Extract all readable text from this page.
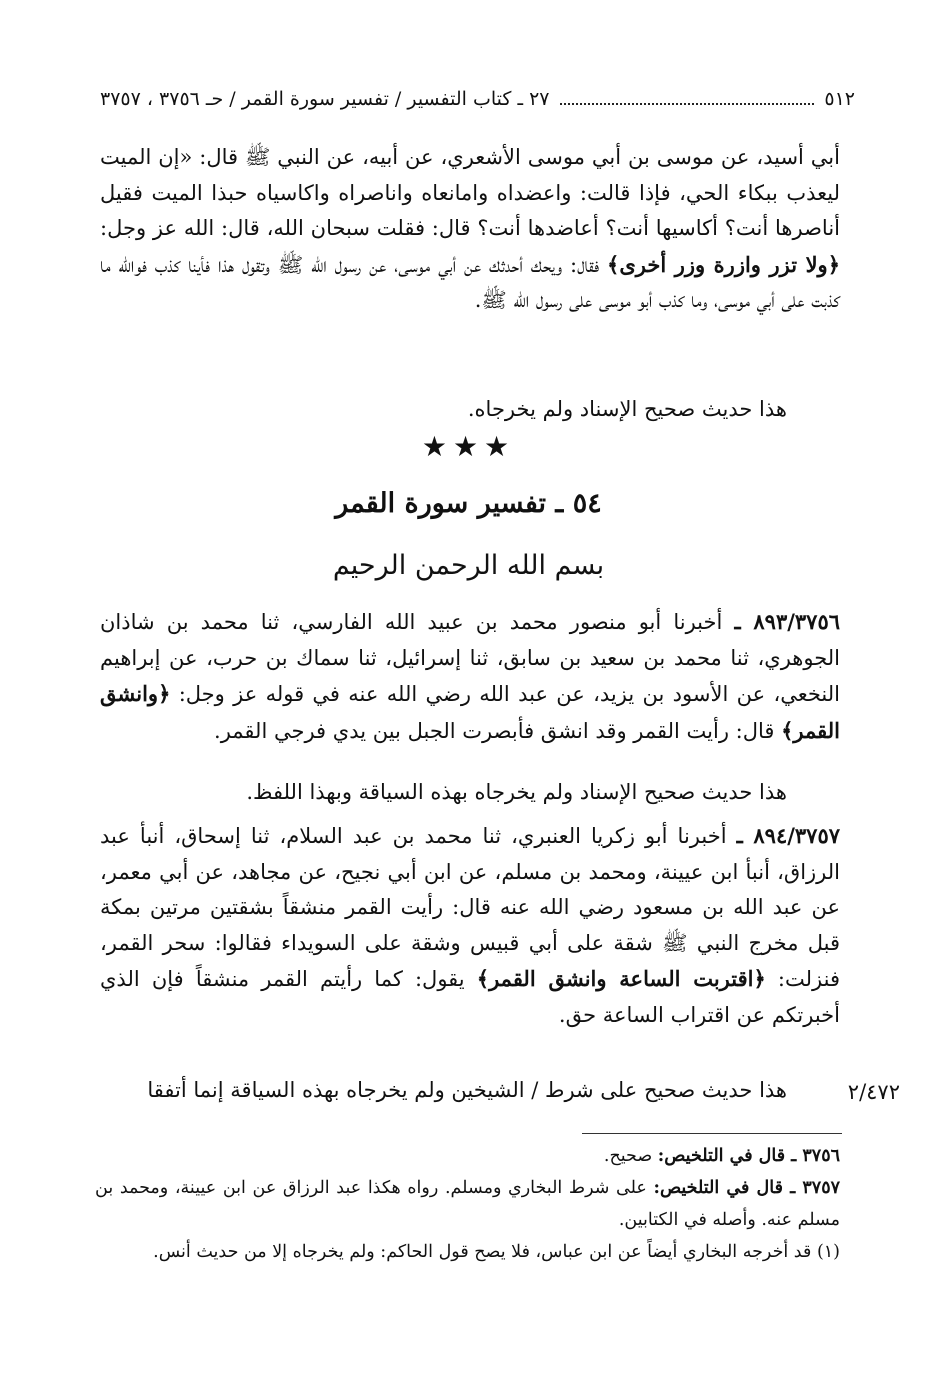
٥١٢
٢٧ ـ كتاب التفسير / تفسير سورة القمر / حـ ٣٧٥٦ ، ٣٧٥٧
أبي أسيد، عن موسى بن أبي موسى الأشعري، عن أبيه، عن النبي ﷺ قال: «إن الميت ليعذب ببكاء الحي، فإذا قالت: واعضداه وامانعاه واناصراه واكاسياه حبذا الميت فقيل أناصرها أنت؟ أكاسيها أنت؟ أعاضدها أنت؟ قال: فقلت سبحان الله، قال: الله عز وجل: ﴿ولا تزر وازرة وزر أخرى﴾ فقال: ويحك أحدثك عن أبي موسى، عن رسول الله ﷺ وتقول هذا فأينا كذب فوالله ما كذبت على أبي موسى، وما كذب أبو موسى على رسول الله ﷺ.
هذا حديث صحيح الإسناد ولم يخرجاه.
★★★
٥٤ ـ تفسير سورة القمر
بسم الله الرحمن الرحيم
٨٩٣/٣٧٥٦ ـ أخبرنا أبو منصور محمد بن عبيد الله الفارسي، ثنا محمد بن شاذان الجوهري، ثنا محمد بن سعيد بن سابق، ثنا إسرائيل، ثنا سماك بن حرب، عن إبراهيم النخعي، عن الأسود بن يزيد، عن عبد الله رضي الله عنه في قوله عز وجل: ﴿وانشق القمر﴾ قال: رأيت القمر وقد انشق فأبصرت الجبل بين يدي فرجي القمر.
هذا حديث صحيح الإسناد ولم يخرجاه بهذه السياقة وبهذا اللفظ.
٨٩٤/٣٧٥٧ ـ أخبرنا أبو زكريا العنبري، ثنا محمد بن عبد السلام، ثنا إسحاق، أنبأ عبد الرزاق، أنبأ ابن عيينة، ومحمد بن مسلم، عن ابن أبي نجيح، عن مجاهد، عن أبي معمر، عن عبد الله بن مسعود رضي الله عنه قال: رأيت القمر منشقاً بشقتين مرتين بمكة قبل مخرج النبي ﷺ شقة على أبي قبيس وشقة على السويداء فقالوا: سحر القمر، فنزلت: ﴿اقتربت الساعة وانشق القمر﴾ يقول: كما رأيتم القمر منشقاً فإن الذي أخبرتكم عن اقتراب الساعة حق.
هذا حديث صحيح على شرط / الشيخين ولم يخرجاه بهذه السياقة إنما أتفقا	٢/٤٧٢

٣٧٥٦ ـ قال في التلخيص: صحيح.

٣٧٥٧ ـ قال في التلخيص: على شرط البخاري ومسلم. رواه هكذا عبد الرزاق عن ابن عيينة، ومحمد بن مسلم عنه. وأصله في الكتابين.

(١) قد أخرجه البخاري أيضاً عن ابن عباس، فلا يصح قول الحاكم: ولم يخرجاه إلا من حديث أنس.
